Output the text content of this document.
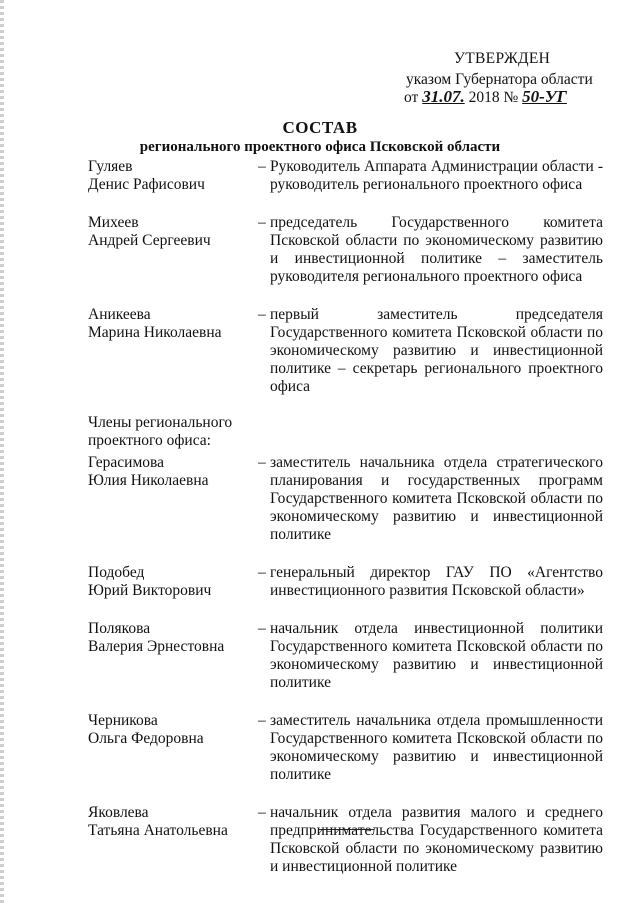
УТВЕРЖДЕН
указом Губернатора области
от 31.07. 2018 № 50-УГ
СОСТАВ
регионального проектного офиса Псковской области
Гуляев
Денис Рафисович
– Руководитель Аппарата Администрации области - руководитель регионального проектного офиса
Михеев
Андрей Сергеевич
– председатель Государственного комитета Псковской области по экономическому развитию и инвестиционной политике – заместитель руководителя регионального проектного офиса
Аникеева
Марина Николаевна
– первый заместитель председателя Государственного комитета Псковской области по экономическому развитию и инвестиционной политике – секретарь регионального проектного офиса
Члены регионального
проектного офиса:
Герасимова
Юлия Николаевна
– заместитель начальника отдела стратегического планирования и государственных программ Государственного комитета Псковской области по экономическому развитию и инвестиционной политике
Подобед
Юрий Викторович
– генеральный директор ГАУ ПО «Агентство инвестиционного развития Псковской области»
Полякова
Валерия Эрнестовна
– начальник отдела инвестиционной политики Государственного комитета Псковской области по экономическому развитию и инвестиционной политике
Черникова
Ольга Федоровна
– заместитель начальника отдела промышленности Государственного комитета Псковской области по экономическому развитию и инвестиционной политике
Яковлева
Татьяна Анатольевна
– начальник отдела развития малого и среднего предпринимательства Государственного комитета Псковской области по экономическому развитию и инвестиционной политике
